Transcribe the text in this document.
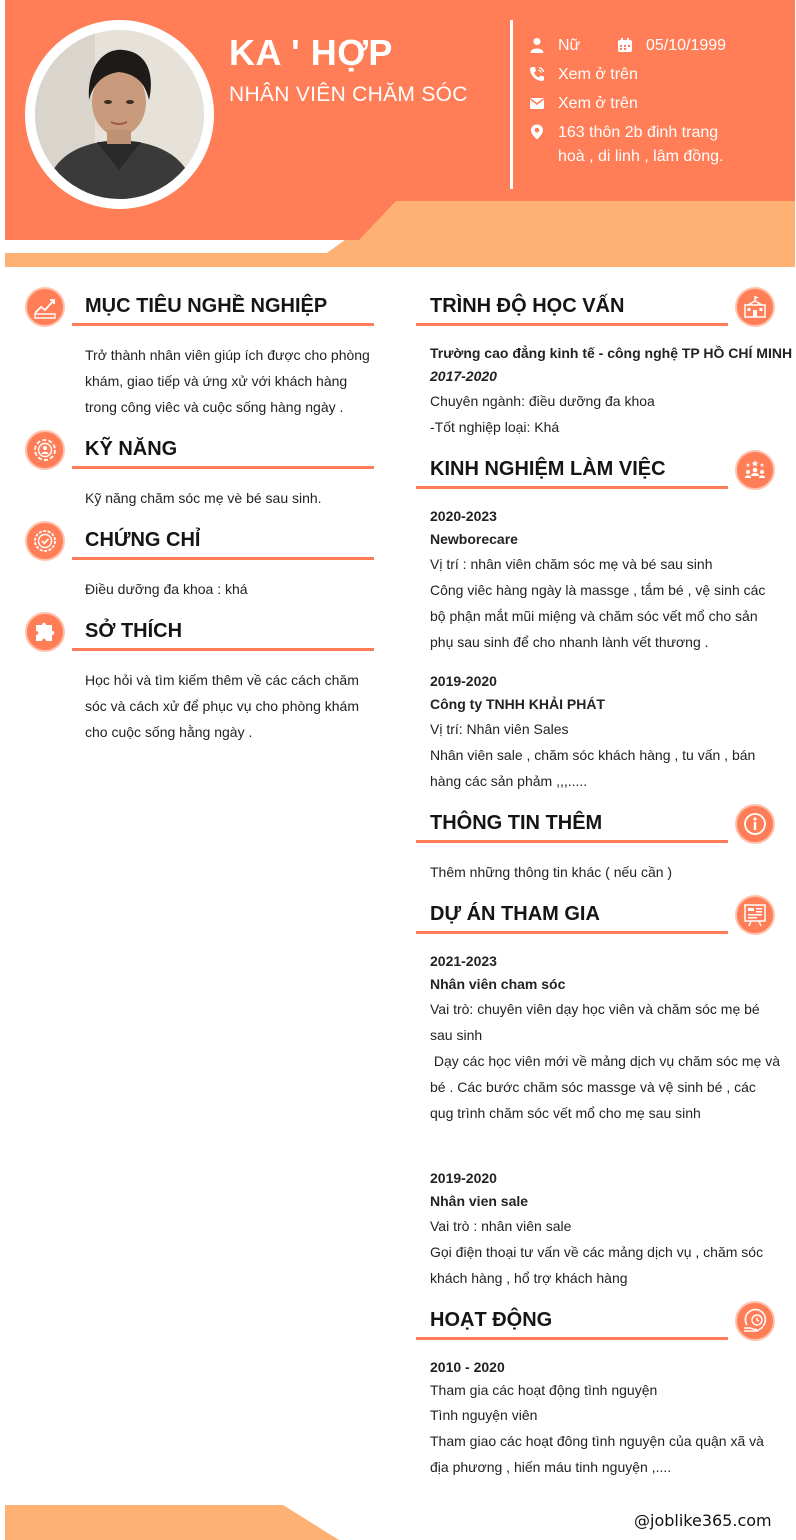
KA ' HỢP
NHÂN VIÊN CHĂM SÓC
Nữ	05/10/1999
Xem ở trên
Xem ở trên
163 thôn 2b đinh trang
hoà , di linh , lâm đồng.
MỤC TIÊU NGHỀ NGHIỆP
Trở thành nhân viên giúp ích được cho phòng
khám, giao tiếp và ứng xử với khách hàng
trong công viêc và cuộc sống hàng ngày .
KỸ NĂNG
Kỹ năng chăm sóc mẹ vè bé sau sinh.
CHỨNG CHỈ
Điều dưỡng đa khoa : khá
SỞ THÍCH
Học hỏi và tìm kiếm thêm về các cách chăm
sóc và cách xử để phục vụ cho phòng khám
cho cuộc sống hằng ngày .
TRÌNH ĐỘ HỌC VẤN
Trường cao đẳng kinh tế - công nghệ TP HỒ CHÍ MINH
2017-2020
Chuyên ngành: điều dưỡng đa khoa
-Tốt nghiệp loại: Khá
KINH NGHIỆM LÀM VIỆC
2020-2023
Newborecare
Vị trí : nhân viên chăm sóc mẹ và bé sau sinh
Công viêc hàng ngày là massge , tắm bé , vệ sinh các
bộ phận mắt mũi miệng và chăm sóc vết mổ cho sản
phụ sau sinh để cho nhanh lành vết thương .
2019-2020
Công ty TNHH KHẢI PHÁT
Vị trí: Nhân viên Sales
Nhân viên sale , chăm sóc khách hàng , tu vấn , bán
hàng các sản phảm ,,,.....
THÔNG TIN THÊM
Thêm những thông tin khác ( nếu cần )
DỰ ÁN THAM GIA
2021-2023
Nhân viên cham sóc
Vai trò: chuyên viên dạy học viên và chăm sóc mẹ bé
sau sinh
Dạy các học viên mới về mảng dịch vụ chăm sóc mẹ và
bé . Các bước chăm sóc massge và vệ sinh bé , các
qug trình chăm sóc vết mổ cho mẹ sau sinh
2019-2020
Nhân vien sale
Vai trò : nhân viên sale
Gọi điện thoại tư vấn về các mảng dịch vụ , chăm sóc
khách hàng , hổ trợ khách hàng
HOẠT ĐỘNG
2010 - 2020
Tham gia các hoạt động tình nguyện
Tình nguyện viên
Tham giao các hoạt đông tình nguyện của quận xã và
địa phương , hiến máu tinh nguyện ,....
@joblike365.com
